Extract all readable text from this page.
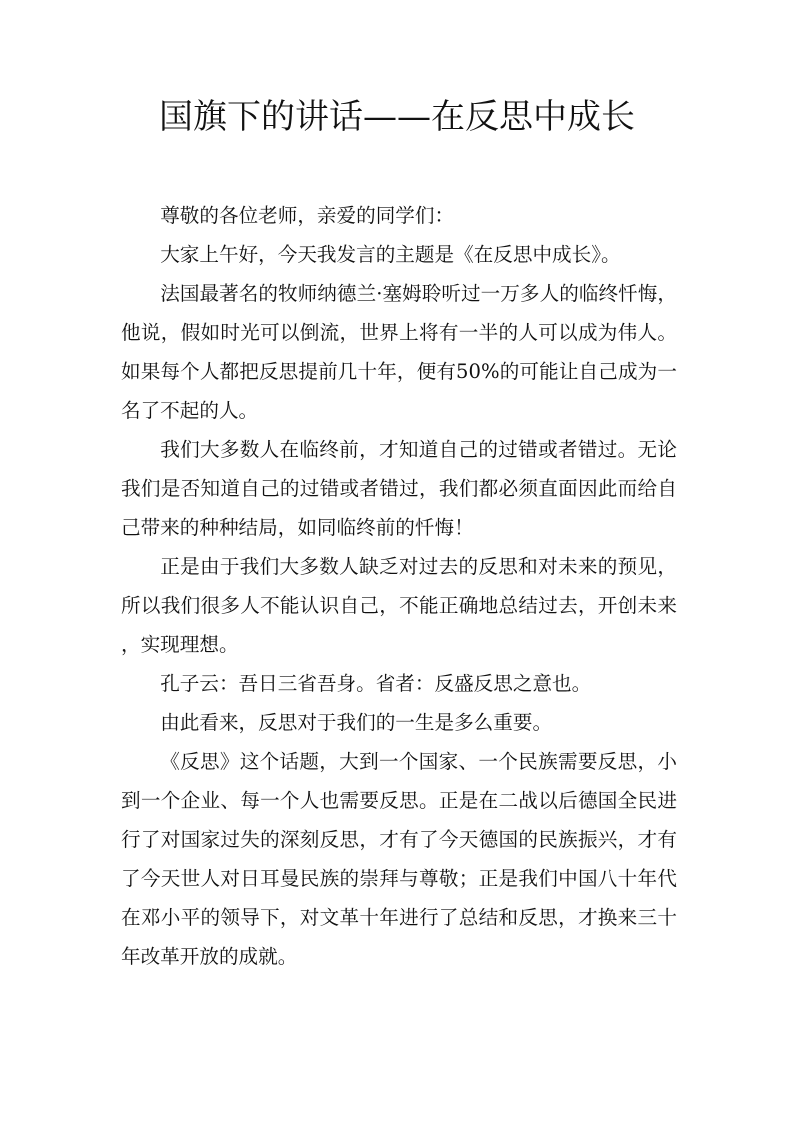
国旗下的讲话——在反思中成长

尊敬的各位老师，亲爱的同学们：

大家上午好，今天我发言的主题是《在反思中成长》。

法国最著名的牧师纳德兰·塞姆聆听过一万多人的临终忏悔，他说，假如时光可以倒流，世界上将有一半的人可以成为伟人。如果每个人都把反思提前几十年，便有50%的可能让自己成为一名了不起的人。

我们大多数人在临终前，才知道自己的过错或者错过。无论我们是否知道自己的过错或者错过，我们都必须直面因此而给自己带来的种种结局，如同临终前的忏悔！

正是由于我们大多数人缺乏对过去的反思和对未来的预见，所以我们很多人不能认识自己，不能正确地总结过去，开创未来，实现理想。

孔子云：吾日三省吾身。省者：反盛反思之意也。

由此看来，反思对于我们的一生是多么重要。

《反思》这个话题，大到一个国家、一个民族需要反思，小到一个企业、每一个人也需要反思。正是在二战以后德国全民进行了对国家过失的深刻反思，才有了今天德国的民族振兴，才有了今天世人对日耳曼民族的崇拜与尊敬；正是我们中国八十年代在邓小平的领导下，对文革十年进行了总结和反思，才换来三十年改革开放的成就。
